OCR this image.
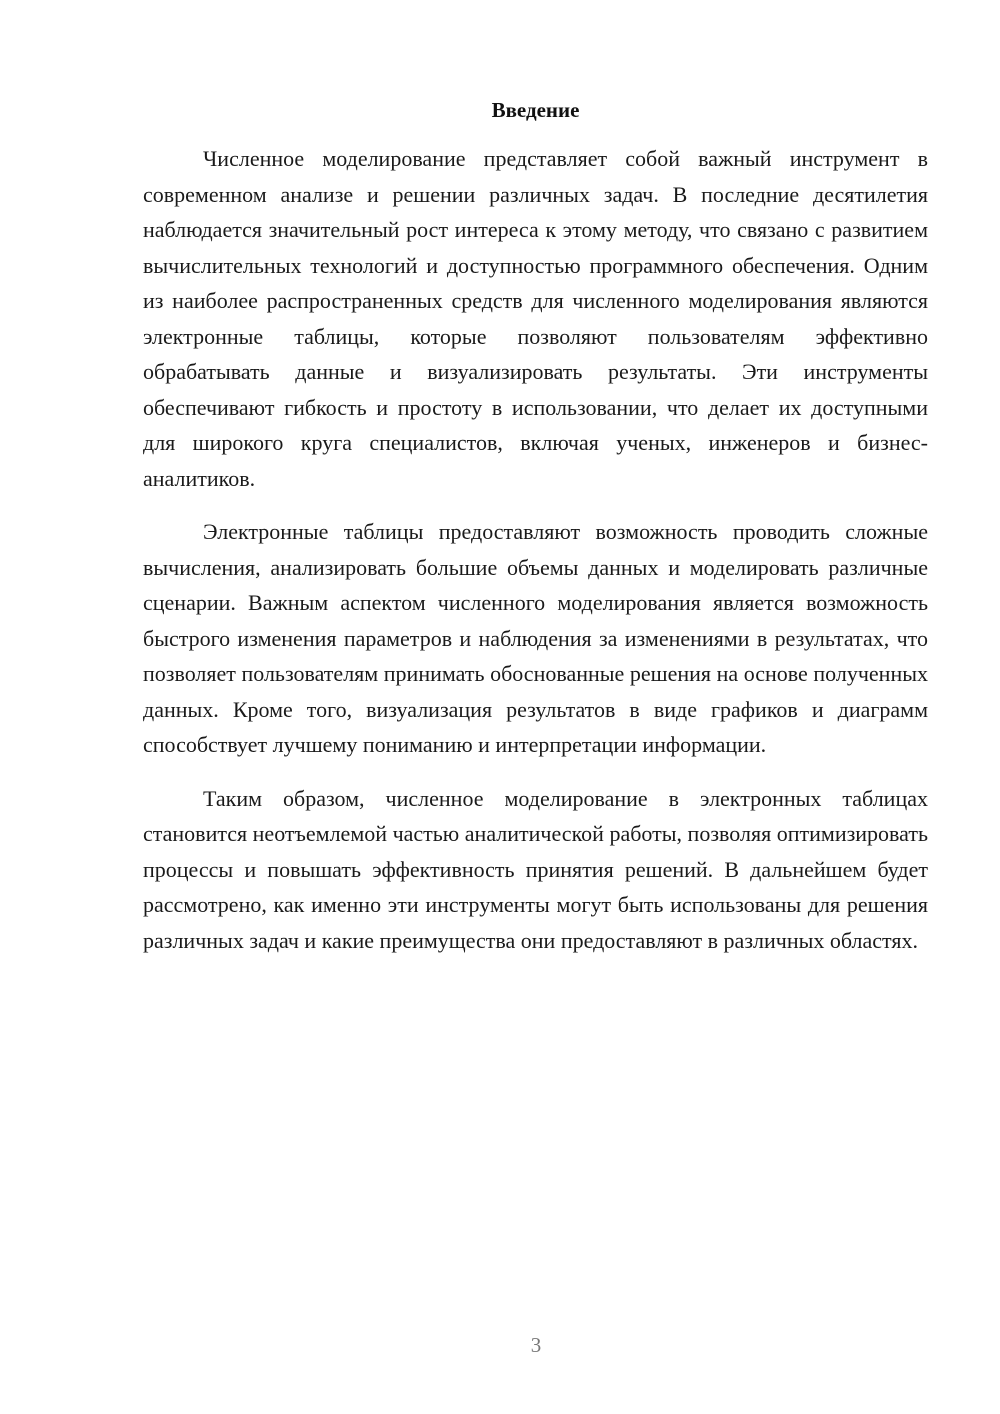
Введение

Численное моделирование представляет собой важный инструмент в современном анализе и решении различных задач. В последние десятилетия наблюдается значительный рост интереса к этому методу, что связано с развитием вычислительных технологий и доступностью программного обеспечения. Одним из наиболее распространенных средств для численного моделирования являются электронные таблицы, которые позволяют пользователям эффективно обрабатывать данные и визуализировать результаты. Эти инструменты обеспечивают гибкость и простоту в использовании, что делает их доступными для широкого круга специалистов, включая ученых, инженеров и бизнес-аналитиков.

Электронные таблицы предоставляют возможность проводить сложные вычисления, анализировать большие объемы данных и моделировать различные сценарии. Важным аспектом численного моделирования является возможность быстрого изменения параметров и наблюдения за изменениями в результатах, что позволяет пользователям принимать обоснованные решения на основе полученных данных. Кроме того, визуализация результатов в виде графиков и диаграмм способствует лучшему пониманию и интерпретации информации.

Таким образом, численное моделирование в электронных таблицах становится неотъемлемой частью аналитической работы, позволяя оптимизировать процессы и повышать эффективность принятия решений. В дальнейшем будет рассмотрено, как именно эти инструменты могут быть использованы для решения различных задач и какие преимущества они предоставляют в различных областях.

3
